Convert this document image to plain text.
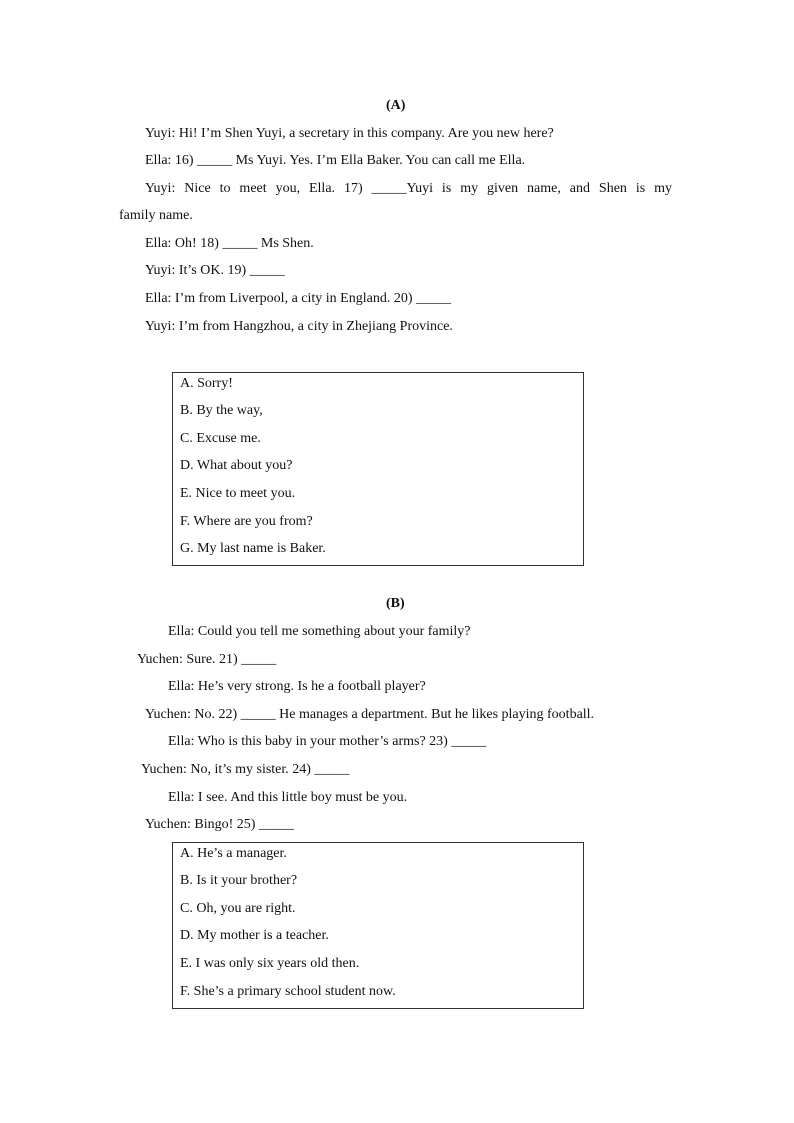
(A)
Yuyi: Hi! I’m Shen Yuyi, a secretary in this company. Are you new here?
Ella: 16) _____ Ms Yuyi. Yes. I’m Ella Baker. You can call me Ella.
Yuyi: Nice to meet you, Ella. 17) _____Yuyi is my given name, and Shen is my
family name.
Ella: Oh! 18) _____ Ms Shen.
Yuyi: It’s OK. 19) _____
Ella: I’m from Liverpool, a city in England. 20) _____
Yuyi: I’m from Hangzhou, a city in Zhejiang Province.
A. Sorry!
B. By the way,
C. Excuse me.
D. What about you?
E. Nice to meet you.
F. Where are you from?
G. My last name is Baker.
(B)
Ella: Could you tell me something about your family?
Yuchen: Sure. 21) _____
Ella: He’s very strong. Is he a football player?
Yuchen: No. 22) _____ He manages a department. But he likes playing football.
Ella: Who is this baby in your mother’s arms? 23) _____
Yuchen: No, it’s my sister. 24) _____
Ella: I see. And this little boy must be you.
Yuchen: Bingo! 25) _____
A. He’s a manager.
B. Is it your brother?
C. Oh, you are right.
D. My mother is a teacher.
E. I was only six years old then.
F. She’s a primary school student now.
